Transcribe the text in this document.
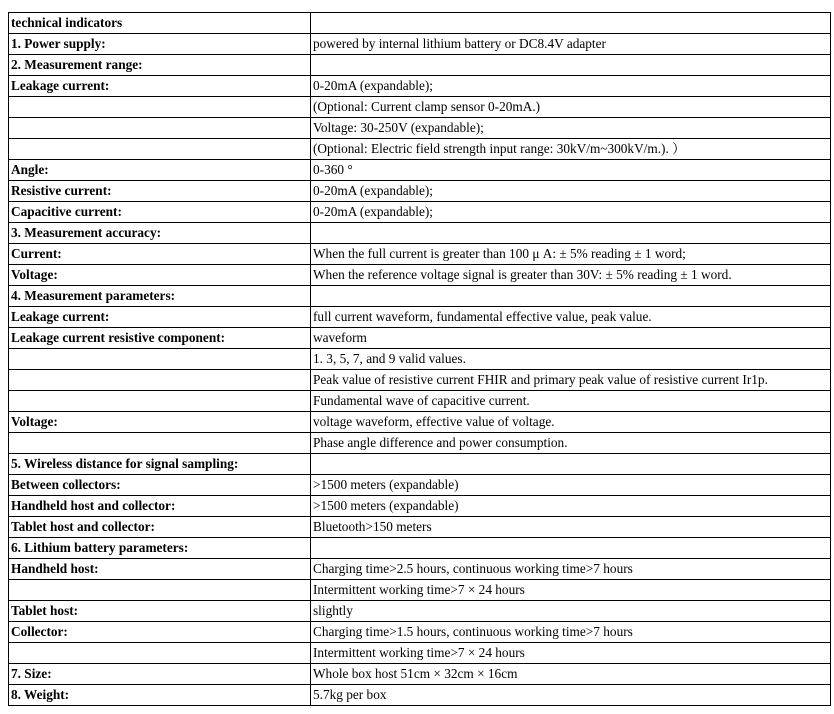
technical indicators	
1. Power supply:	powered by internal lithium battery or DC8.4V adapter
2. Measurement range:	
Leakage current:	0-20mA (expandable);
	(Optional: Current clamp sensor 0-20mA.)
	Voltage: 30-250V (expandable);
	(Optional: Electric field strength input range: 30kV/m~300kV/m.). ）
Angle:	0-360 °
Resistive current:	0-20mA (expandable);
Capacitive current:	0-20mA (expandable);
3. Measurement accuracy:	
Current:	When the full current is greater than 100 μ A: ± 5% reading ± 1 word;
Voltage:	When the reference voltage signal is greater than 30V: ± 5% reading ± 1 word.
4. Measurement parameters:	
Leakage current:	full current waveform, fundamental effective value, peak value.
Leakage current resistive component:	waveform
	1. 3, 5, 7, and 9 valid values.
	Peak value of resistive current FHIR and primary peak value of resistive current Ir1p.
	Fundamental wave of capacitive current.
Voltage:	voltage waveform, effective value of voltage.
	Phase angle difference and power consumption.
5. Wireless distance for signal sampling:	
Between collectors:	>1500 meters (expandable)
Handheld host and collector:	>1500 meters (expandable)
Tablet host and collector:	Bluetooth>150 meters
6. Lithium battery parameters:	
Handheld host:	Charging time>2.5 hours, continuous working time>7 hours
	Intermittent working time>7 × 24 hours
Tablet host:	slightly
Collector:	Charging time>1.5 hours, continuous working time>7 hours
	Intermittent working time>7 × 24 hours
7. Size:	Whole box host 51cm × 32cm × 16cm
8. Weight:	5.7kg per box
